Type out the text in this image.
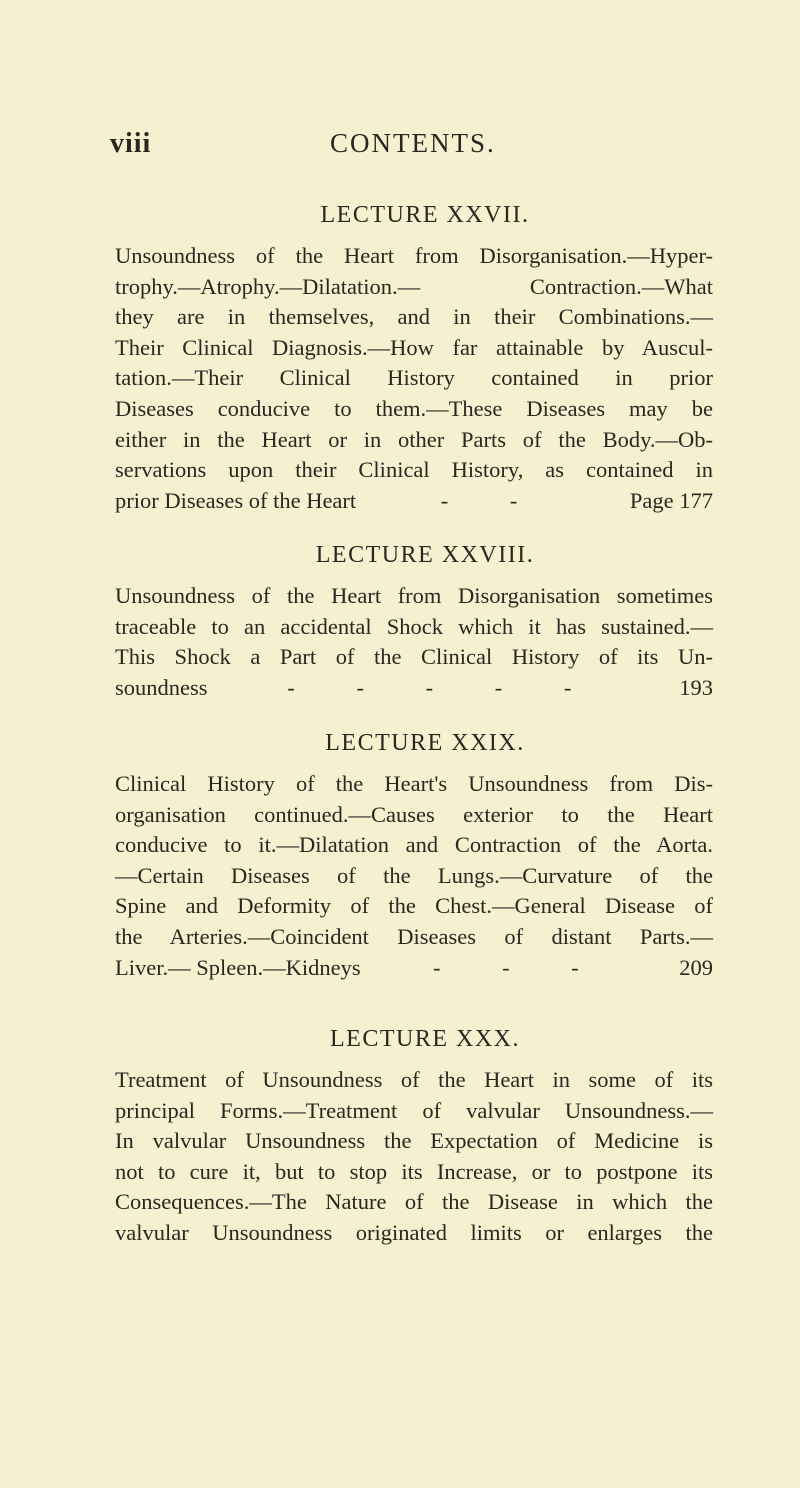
viii	CONTENTS.
LECTURE XXVII.
Unsoundness of the Heart from Disorganisation.—Hyper-
trophy.—Atrophy.—Dilatation.— Contraction.—What
they are in themselves, and in their Combinations.—
Their Clinical Diagnosis.—How far attainable by Auscul-
tation.—Their Clinical History contained in prior
Diseases conducive to them.—These Diseases may be
either in the Heart or in other Parts of the Body.—Ob-
servations upon their Clinical History, as contained in
prior Diseases of the Heart	- -	Page 177
LECTURE XXVIII.
Unsoundness of the Heart from Disorganisation sometimes
traceable to an accidental Shock which it has sustained.—
This Shock a Part of the Clinical History of its Un-
soundness	- - - - -	193
LECTURE XXIX.
Clinical History of the Heart's Unsoundness from Dis-
organisation continued.—Causes exterior to the Heart
conducive to it.—Dilatation and Contraction of the Aorta.
—Certain Diseases of the Lungs.—Curvature of the
Spine and Deformity of the Chest.—General Disease of
the Arteries.—Coincident Diseases of distant Parts.—
Liver.— Spleen.—Kidneys	- - -	209
LECTURE XXX.
Treatment of Unsoundness of the Heart in some of its
principal Forms.—Treatment of valvular Unsoundness.—
In valvular Unsoundness the Expectation of Medicine is
not to cure it, but to stop its Increase, or to postpone its
Consequences.—The Nature of the Disease in which the
valvular Unsoundness originated limits or enlarges the
